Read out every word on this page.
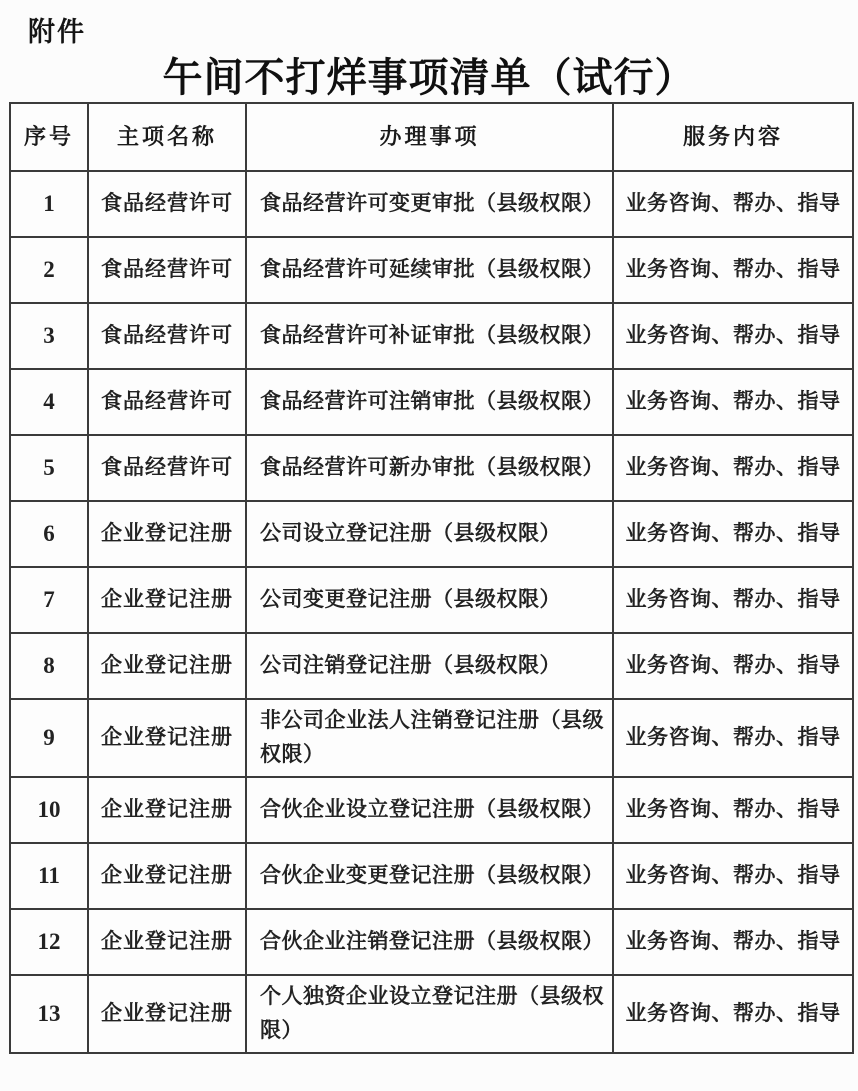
附件
午间不打烊事项清单（试行）
序号	主项名称	办理事项	服务内容
1	食品经营许可	食品经营许可变更审批（县级权限）	业务咨询、帮办、指导
2	食品经营许可	食品经营许可延续审批（县级权限）	业务咨询、帮办、指导
3	食品经营许可	食品经营许可补证审批（县级权限）	业务咨询、帮办、指导
4	食品经营许可	食品经营许可注销审批（县级权限）	业务咨询、帮办、指导
5	食品经营许可	食品经营许可新办审批（县级权限）	业务咨询、帮办、指导
6	企业登记注册	公司设立登记注册（县级权限）	业务咨询、帮办、指导
7	企业登记注册	公司变更登记注册（县级权限）	业务咨询、帮办、指导
8	企业登记注册	公司注销登记注册（县级权限）	业务咨询、帮办、指导
9	企业登记注册	非公司企业法人注销登记注册（县级权限）	业务咨询、帮办、指导
10	企业登记注册	合伙企业设立登记注册（县级权限）	业务咨询、帮办、指导
11	企业登记注册	合伙企业变更登记注册（县级权限）	业务咨询、帮办、指导
12	企业登记注册	合伙企业注销登记注册（县级权限）	业务咨询、帮办、指导
13	企业登记注册	个人独资企业设立登记注册（县级权限）	业务咨询、帮办、指导
